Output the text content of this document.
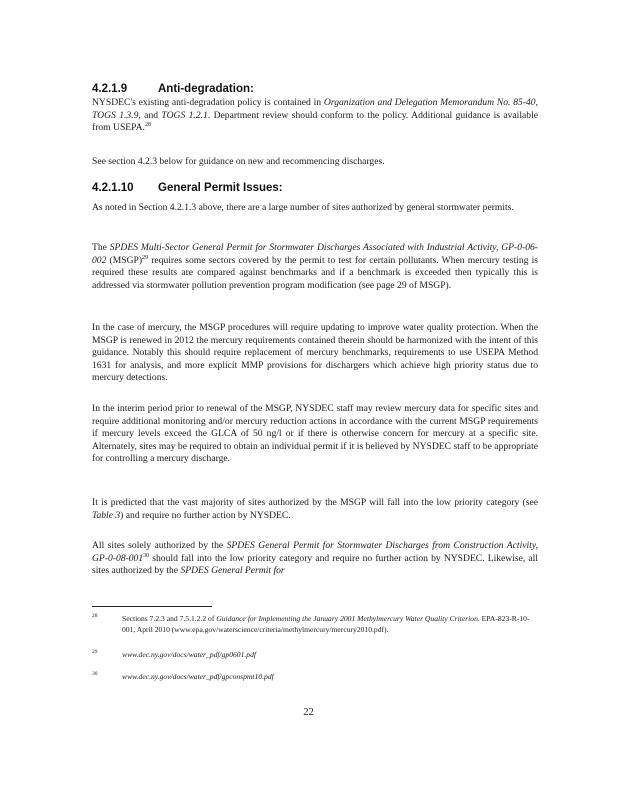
4.2.1.9	Anti-degradation:

NYSDEC's existing anti-degradation policy is contained in Organization and Delegation Memorandum No. 85-40, TOGS 1.3.9, and TOGS 1.2.1. Department review should conform to the policy. Additional guidance is available from USEPA.$^{28}$

See section 4.2.3 below for guidance on new and recommencing discharges.

4.2.1.10 General Permit Issues:

As noted in Section 4.2.1.3 above, there are a large number of sites authorized by general stormwater permits.

The SPDES Multi-Sector General Permit for Stormwater Discharges Associated with Industrial Activity, GP-0-06-002 (MSGP)$^{29}$ requires some sectors covered by the permit to test for certain pollutants. When mercury testing is required these results are compared against benchmarks and if a benchmark is exceeded then typically this is addressed via stormwater pollution prevention program modification (see page 29 of MSGP).

In the case of mercury, the MSGP procedures will require updating to improve water quality protection. When the MSGP is renewed in 2012 the mercury requirements contained therein should be harmonized with the intent of this guidance. Notably this should require replacement of mercury benchmarks, requirements to use USEPA Method 1631 for analysis, and more explicit MMP provisions for dischargers which achieve high priority status due to mercury detections.

In the interim period prior to renewal of the MSGP, NYSDEC staff may review mercury data for specific sites and require additional monitoring and/or mercury reduction actions in accordance with the current MSGP requirements if mercury levels exceed the GLCA of 50 ng/l or if there is otherwise concern for mercury at a specific site. Alternately, sites may be required to obtain an individual permit if it is believed by NYSDEC staff to be appropriate for controlling a mercury discharge.

It is predicted that the vast majority of sites authorized by the MSGP will fall into the low priority category (see Table 3) and require no further action by NYSDEC.

All sites solely authorized by the SPDES General Permit for Stormwater Discharges from Construction Activity, $GP-0-08-001^{30}$ should fall into the low priority category and require no further action by NYSDEC. Likewise, all sites authorized by the SPDES General Permit for

28	Sections 7.2.3 and 7.5.1.2.2 of Guidance for Implementing the January 2001 Methylmercury Water Quality Criterion. EPA-823-R-10-001, April 2010 (www.epa.gov/waterscience/criteria/methylmercury/mercury2010.pdf).

29	www.dec.ny.gov/docs/water_pdf/gp0601.pdf

30	www.dec.ny.gov/docs/water_pdf/gpconspmt10.pdf

22
